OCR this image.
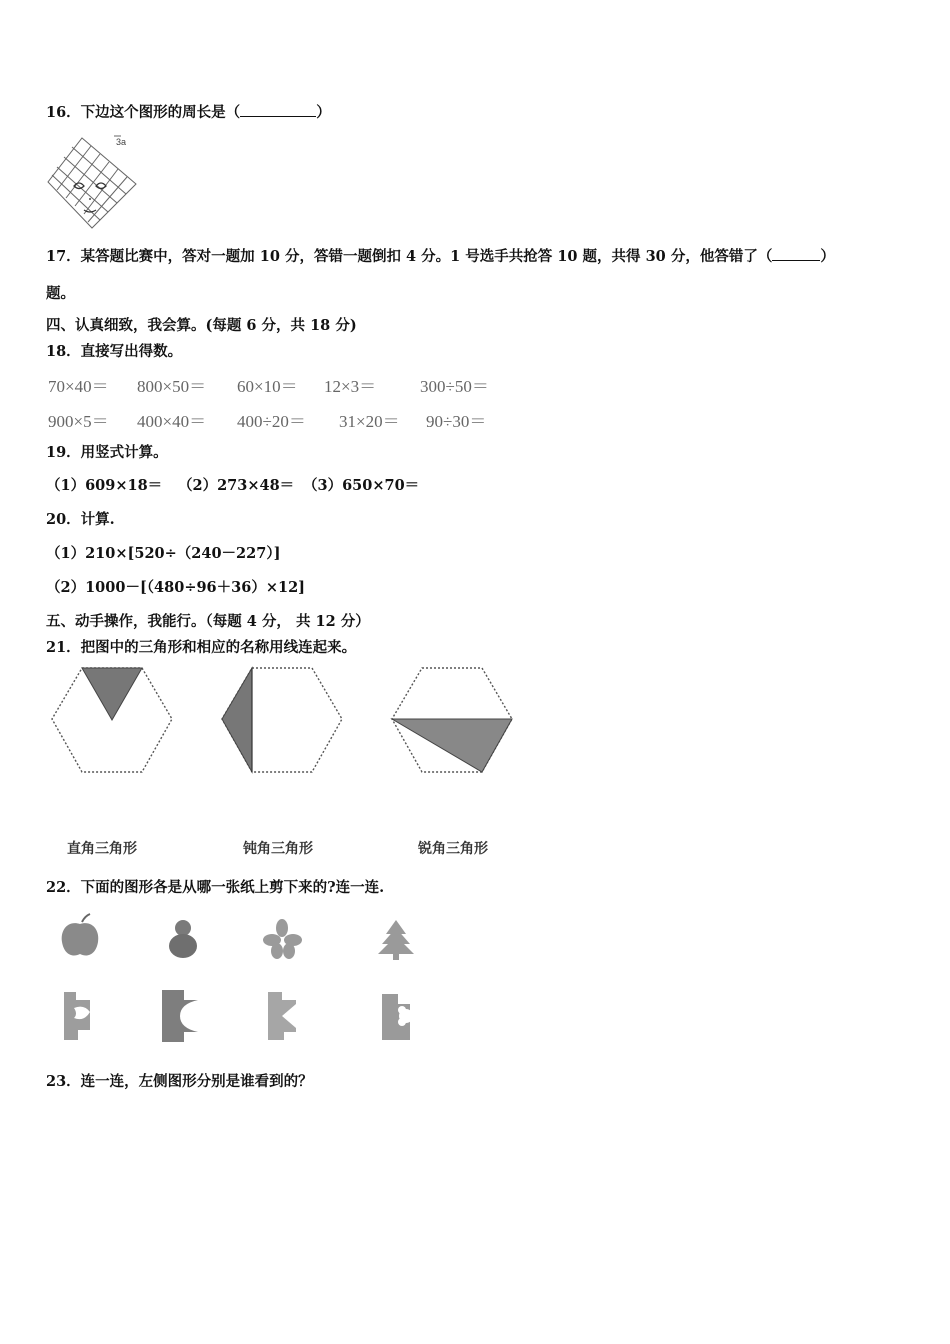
16．下边这个图形的周长是（	）
3a
17．某答题比赛中，答对一题加 10 分，答错一题倒扣 4 分。1 号选手共抢答 10 题，共得 30 分，他答错了（	）
题。
四、认真细致，我会算。(每题 6 分，共 18 分)
18．直接写出得数。
70×40＝ 800×50＝ 60×10＝ 12×3＝	300÷50＝
900×5＝ 400×40＝ 400÷20＝ 31×20＝ 90÷30＝
19．用竖式计算。
（1）609×18＝ （2）273×48＝ （3）650×70＝
20．计算.
（1）210×[520÷（240－227）]
（2）1000－[（480÷96＋36）×12]
五、动手操作，我能行。（每题 4 分， 共 12 分）
21．把图中的三角形和相应的名称用线连起来。
直角三角形	钝角三角形	锐角三角形
22．下面的图形各是从哪一张纸上剪下来的?连一连.
23．连一连，左侧图形分别是谁看到的？
